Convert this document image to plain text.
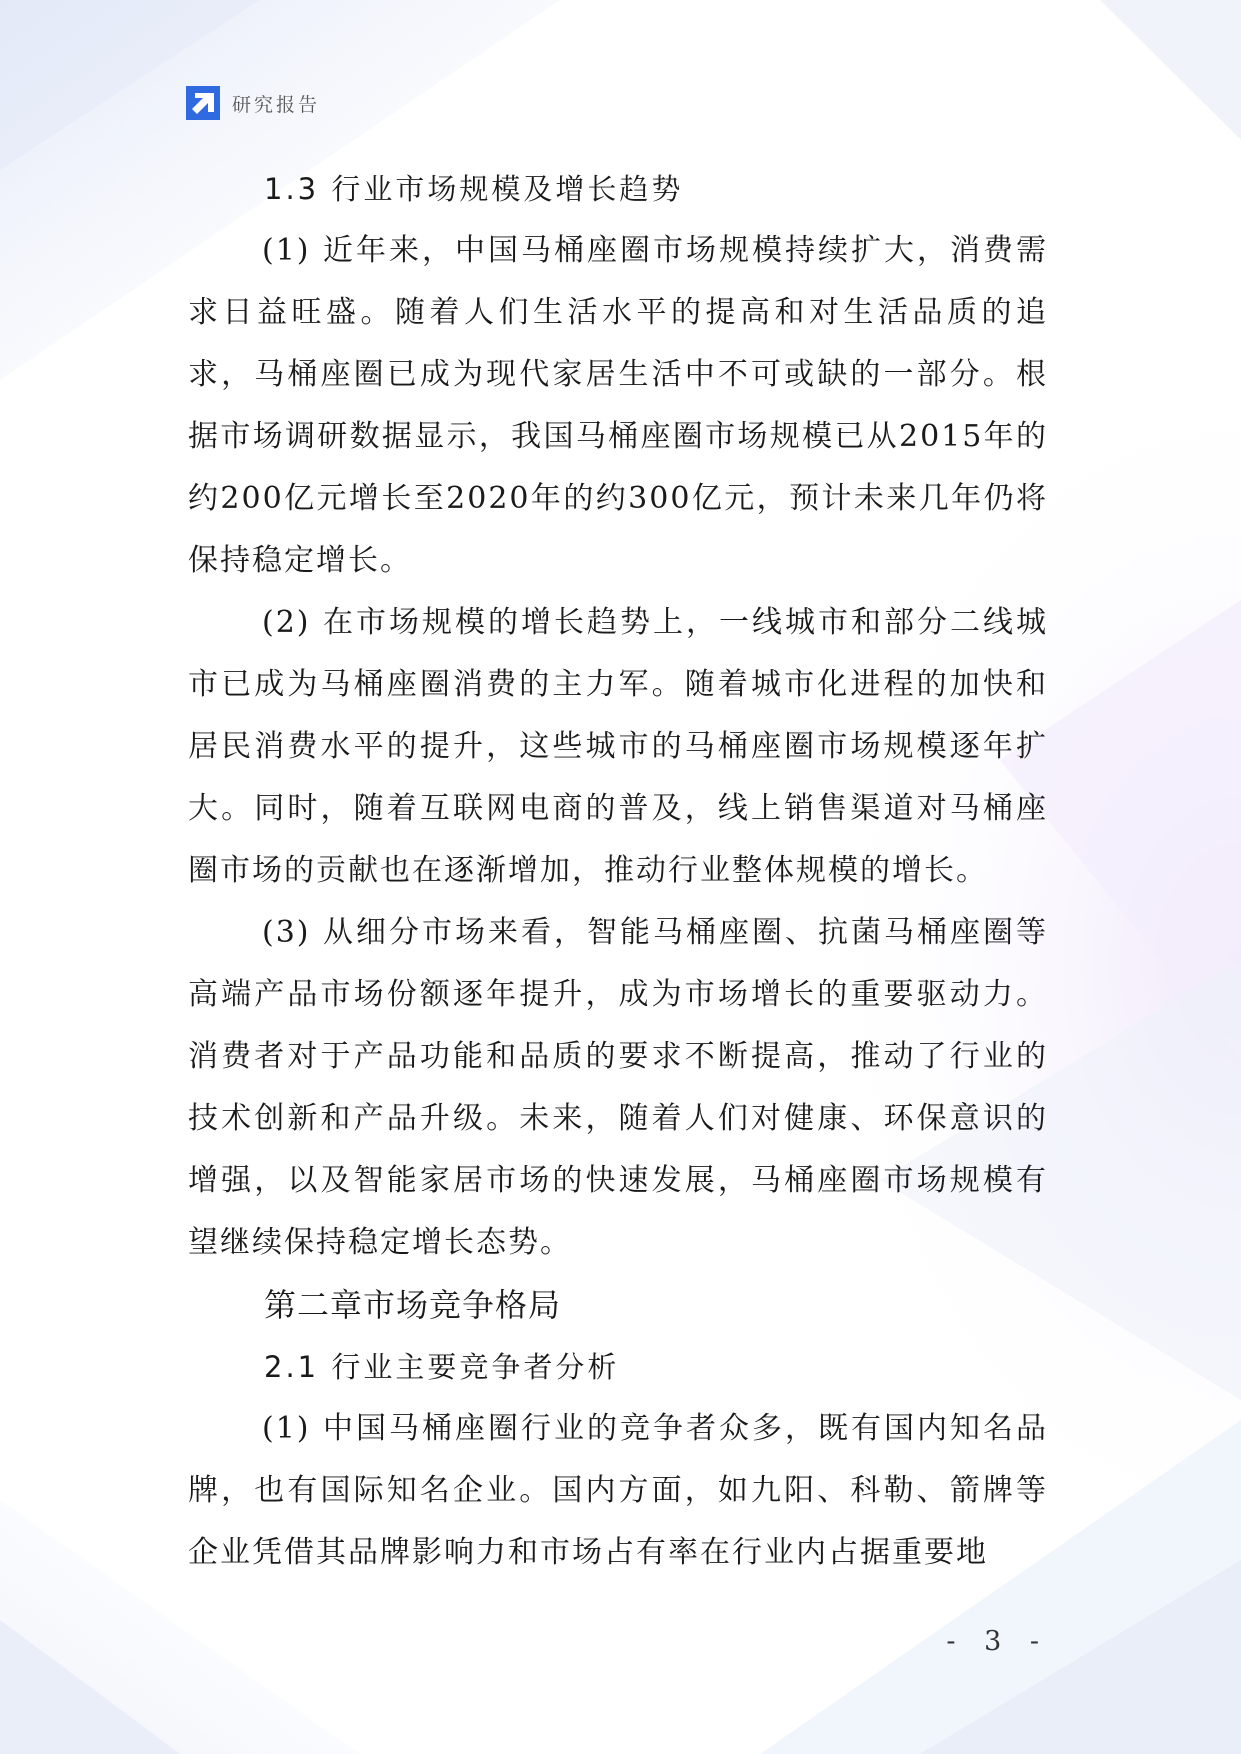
研究报告

1.3 行业市场规模及增长趋势

(1) 近年来，中国马桶座圈市场规模持续扩大，消费需求日益旺盛。随着人们生活水平的提高和对生活品质的追求，马桶座圈已成为现代家居生活中不可或缺的一部分。根据市场调研数据显示，我国马桶座圈市场规模已从2015年的约200亿元增长至2020年的约300亿元，预计未来几年仍将保持稳定增长。

(2) 在市场规模的增长趋势上，一线城市和部分二线城市已成为马桶座圈消费的主力军。随着城市化进程的加快和居民消费水平的提升，这些城市的马桶座圈市场规模逐年扩大。同时，随着互联网电商的普及，线上销售渠道对马桶座圈市场的贡献也在逐渐增加，推动行业整体规模的增长。

(3) 从细分市场来看，智能马桶座圈、抗菌马桶座圈等高端产品市场份额逐年提升，成为市场增长的重要驱动力。消费者对于产品功能和品质的要求不断提高，推动了行业的技术创新和产品升级。未来，随着人们对健康、环保意识的增强，以及智能家居市场的快速发展，马桶座圈市场规模有望继续保持稳定增长态势。

第二章市场竞争格局

2.1 行业主要竞争者分析

(1) 中国马桶座圈行业的竞争者众多，既有国内知名品牌，也有国际知名企业。国内方面，如九阳、科勒、箭牌等企业凭借其品牌影响力和市场占有率在行业内占据重要地

- 3 -
